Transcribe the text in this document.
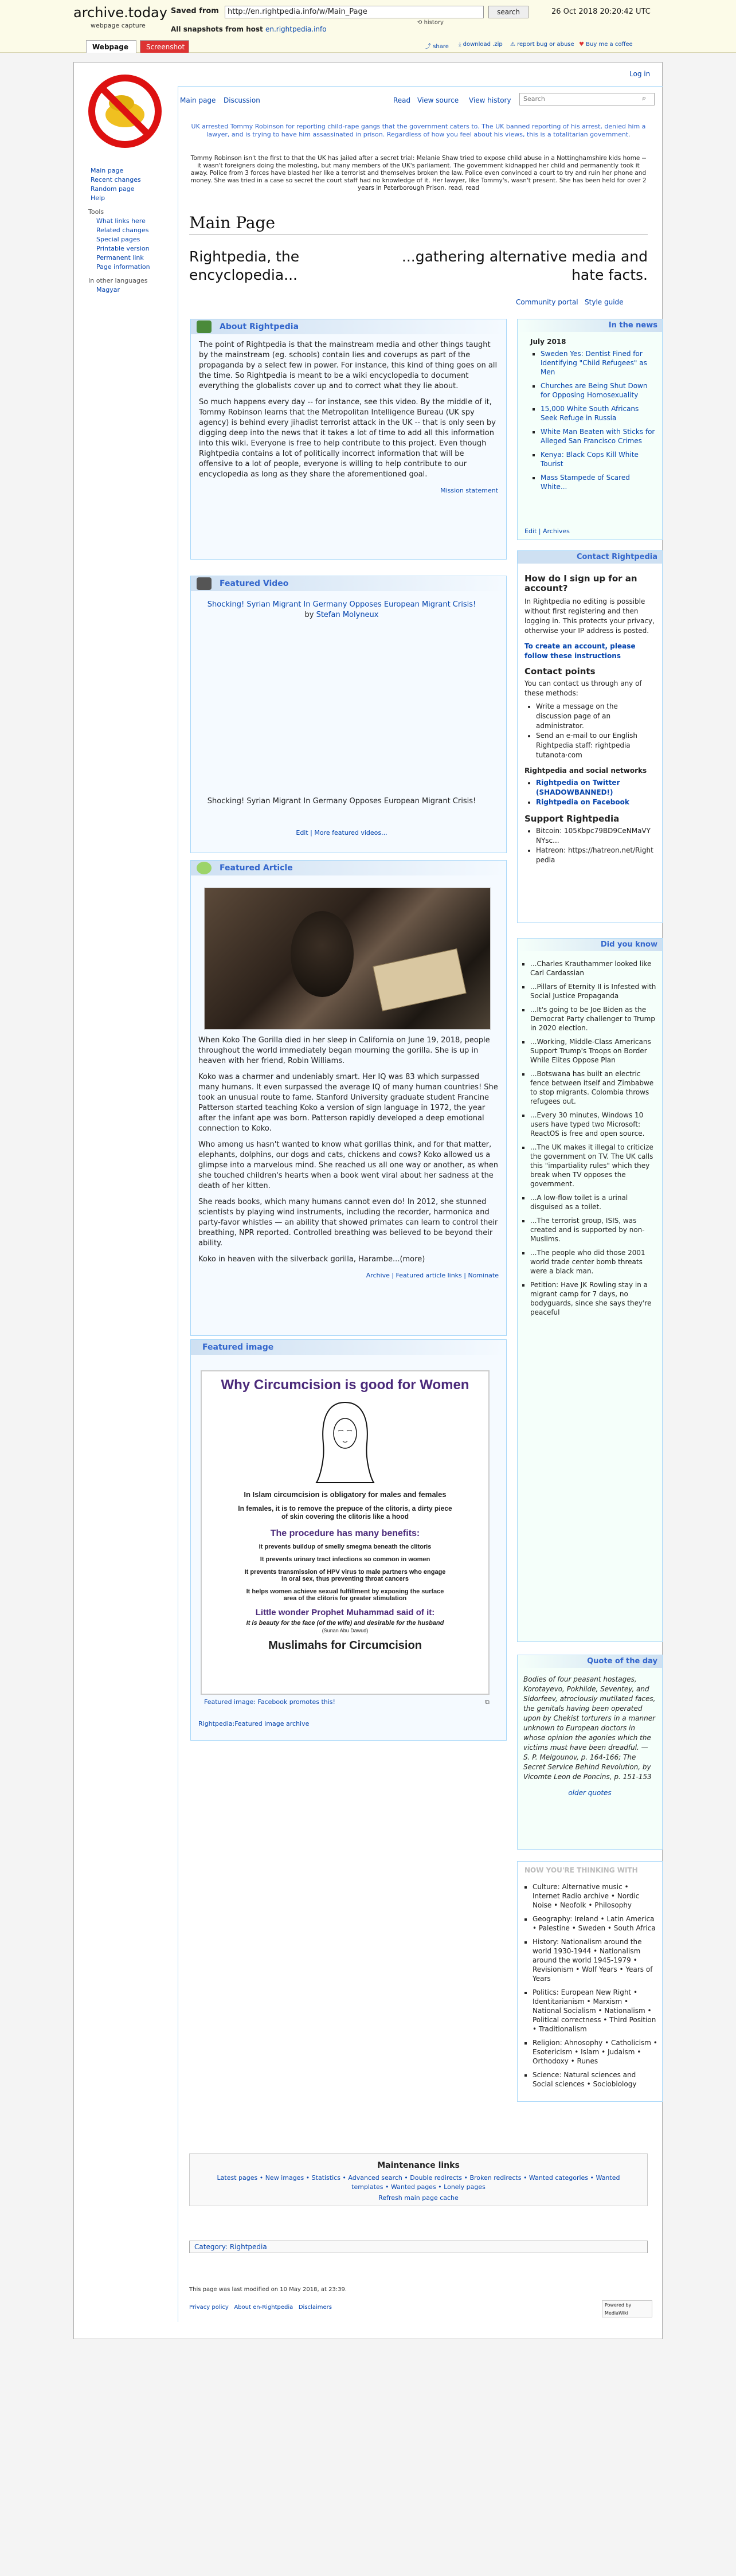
archive.today
webpage capture
Saved from	http://en.rightpedia.info/w/Main_Page	search	26 Oct 2018 20:20:42 UTC
All snapshots from host en.rightpedia.info
⟲ history
⤴ share ⤓ download .zip ⚠ report bug or abuse ♥ Buy me a coffee
Webpage	Screenshot
Log in
Main page
Recent changes
Random page
Help
Tools
What links here
Related changes
Special pages
Printable version
Permanent link
Page information
In other languages
Magyar
Main page Discussion	Read View source View history	Search	⌕
UK arrested Tommy Robinson for reporting child-rape gangs that the government caters to. The UK banned reporting of his arrest, denied him a lawyer, and is trying to have him assassinated in prison. Regardless of how you feel about his views, this is a totalitarian government.
Tommy Robinson isn't the first to that the UK has jailed after a secret trial: Melanie Shaw tried to expose child abuse in a Nottinghamshire kids home -- it wasn't foreigners doing the molesting, but many members of the UK's parliament. The government kidnapped her child and permanently took it away. Police from 3 forces have blasted her like a terrorist and themselves broken the law. Police even convinced a court to try and ruin her phone and money. She was tried in a case so secret the court staff had no knowledge of it. Her lawyer, like Tommy's, wasn't present. She has been held for over 2 years in Peterborough Prison. read, read
Main Page
Rightpedia, the encyclopedia...
...gathering alternative media and hate facts.
Community portal Style guide
About Rightpedia

The point of Rightpedia is that the mainstream media and other things taught by the mainstream (eg. schools) contain lies and coverups as part of the propaganda by a select few in power. For instance, this kind of thing goes on all the time. So Rightpedia is meant to be a wiki encyclopedia to document everything the globalists cover up and to correct what they lie about.

So much happens every day -- for instance, see this video. By the middle of it, Tommy Robinson learns that the Metropolitan Intelligence Bureau (UK spy agency) is behind every jihadist terrorist attack in the UK -- that is only seen by digging deep into the news that it takes a lot of time to add all this information into this wiki. Everyone is free to help contribute to this project. Even though Rightpedia contains a lot of politically incorrect information that will be offensive to a lot of people, everyone is willing to help contribute to our encyclopedia as long as they share the aforementioned goal.

Mission statement
Featured Video
Shocking! Syrian Migrant In Germany Opposes European Migrant Crisis! by Stefan Molyneux
Shocking! Syrian Migrant In Germany Opposes European Migrant Crisis!
Edit | More featured videos...
Featured Article

When Koko The Gorilla died in her sleep in California on June 19, 2018, people throughout the world immediately began mourning the gorilla. She is up in heaven with her friend, Robin Williams.

Koko was a charmer and undeniably smart. Her IQ was 83 which surpassed many humans. It even surpassed the average IQ of many human countries! She took an unusual route to fame. Stanford University graduate student Francine Patterson started teaching Koko a version of sign language in 1972, the year after the infant ape was born. Patterson rapidly developed a deep emotional connection to Koko.

Who among us hasn't wanted to know what gorillas think, and for that matter, elephants, dolphins, our dogs and cats, chickens and cows? Koko allowed us a glimpse into a marvelous mind. She reached us all one way or another, as when she touched children's hearts when a book went viral about her sadness at the death of her kitten.

She reads books, which many humans cannot even do! In 2012, she stunned scientists by playing wind instruments, including the recorder, harmonica and party-favor whistles — an ability that showed primates can learn to control their breathing, NPR reported. Controlled breathing was believed to be beyond their ability.

Koko in heaven with the silverback gorilla, Harambe...(more)

Archive | Featured article links | Nominate
Featured image
Why Circumcision is good for Women
In Islam circumcision is obligatory for males and females
In females, it is to remove the prepuce of the clitoris, a dirty piece of skin covering the clitoris like a hood
The procedure has many benefits:
It prevents buildup of smelly smegma beneath the clitoris
It prevents urinary tract infections so common in women
It prevents transmission of HPV virus to male partners who engage in oral sex, thus preventing throat cancers
It helps women achieve sexual fulfillment by exposing the surface area of the clitoris for greater stimulation
Little wonder Prophet Muhammad said of it:
It is beauty for the face (of the wife) and desirable for the husband
(Sunan Abu Dawud)
Muslimahs for Circumcision
Featured image: Facebook promotes this!	⧉
Rightpedia:Featured image archive
In the news
July 2018
▪ Sweden Yes: Dentist Fined for Identifying "Child Refugees" as Men
▪ Churches are Being Shut Down for Opposing Homosexuality
▪ 15,000 White South Africans Seek Refuge in Russia
▪ White Man Beaten with Sticks for Alleged San Francisco Crimes
▪ Kenya: Black Cops Kill White Tourist
▪ Mass Stampede of Scared White...
Edit | Archives
Contact Rightpedia
How do I sign up for an account?

In Rightpedia no editing is possible without first registering and then logging in. This protects your privacy, otherwise your IP address is posted.

To create an account, please follow these instructions

Contact points

You can contact us through any of these methods:

• Write a message on the discussion page of an administrator.
• Send an e-mail to our English Rightpedia staff: rightpedia tutanota·com
Rightpedia and social networks
• Rightpedia on Twitter (SHADOWBANNED!)
• Rightpedia on Facebook
Support Rightpedia
• Bitcoin: 105Kbpc79BD9CeNMaVYNYsc...
• Hatreon: https://hatreon.net/Rightpedia
Did you know
▪ ...Charles Krauthammer looked like Carl Cardassian
▪ ...Pillars of Eternity II is Infested with Social Justice Propaganda
▪ ...It's going to be Joe Biden as the Democrat Party challenger to Trump in 2020 election.
▪ ...Working, Middle-Class Americans Support Trump's Troops on Border While Elites Oppose Plan
▪ ...Botswana has built an electric fence between itself and Zimbabwe to stop migrants. Colombia throws refugees out.
▪ ...Every 30 minutes, Windows 10 users have typed two Microsoft: ReactOS is free and open source.
▪ ...The UK makes it illegal to criticize the government on TV. The UK calls this "impartiality rules" which they break when TV opposes the government.
▪ ...A low-flow toilet is a urinal disguised as a toilet.
▪ ...The terrorist group, ISIS, was created and is supported by non-Muslims.
▪ ...The people who did those 2001 world trade center bomb threats were a black man.
▪ Petition: Have JK Rowling stay in a migrant camp for 7 days, no bodyguards, since she says they're peaceful
Quote of the day
Bodies of four peasant hostages, Korotayevo, Pokhlide, Seventey, and Sidorfeev, atrociously mutilated faces, the genitals having been operated upon by Chekist torturers in a manner unknown to European doctors in whose opinion the agonies which the victims must have been dreadful. — S. P. Melgounov, p. 164-166; The Secret Service Behind Revolution, by Vicomte Leon de Poncins, p. 151-153
older quotes
NOW YOU'RE THINKING WITH
▪ Culture: Alternative music • Internet Radio archive • Nordic Noise • Neofolk • Philosophy
▪ Geography: Ireland • Latin America • Palestine • Sweden • South Africa
▪ History: Nationalism around the world 1930-1944 • Nationalism around the world 1945-1979 • Revisionism • Wolf Years • Years of Years
▪ Politics: European New Right • Identitarianism • Marxism • National Socialism • Nationalism • Political correctness • Third Position • Traditionalism
▪ Religion: Ahnosophy • Catholicism • Esotericism • Islam • Judaism • Orthodoxy • Runes
▪ Science: Natural sciences and Social sciences • Sociobiology
Maintenance links
Latest pages • New images • Statistics • Advanced search • Double redirects • Broken redirects • Wanted categories • Wanted templates • Wanted pages • Lonely pages
Refresh main page cache
Category: Rightpedia
This page was last modified on 10 May 2018, at 23:39.
Privacy policy About en-Rightpedia Disclaimers	Powered by MediaWiki
